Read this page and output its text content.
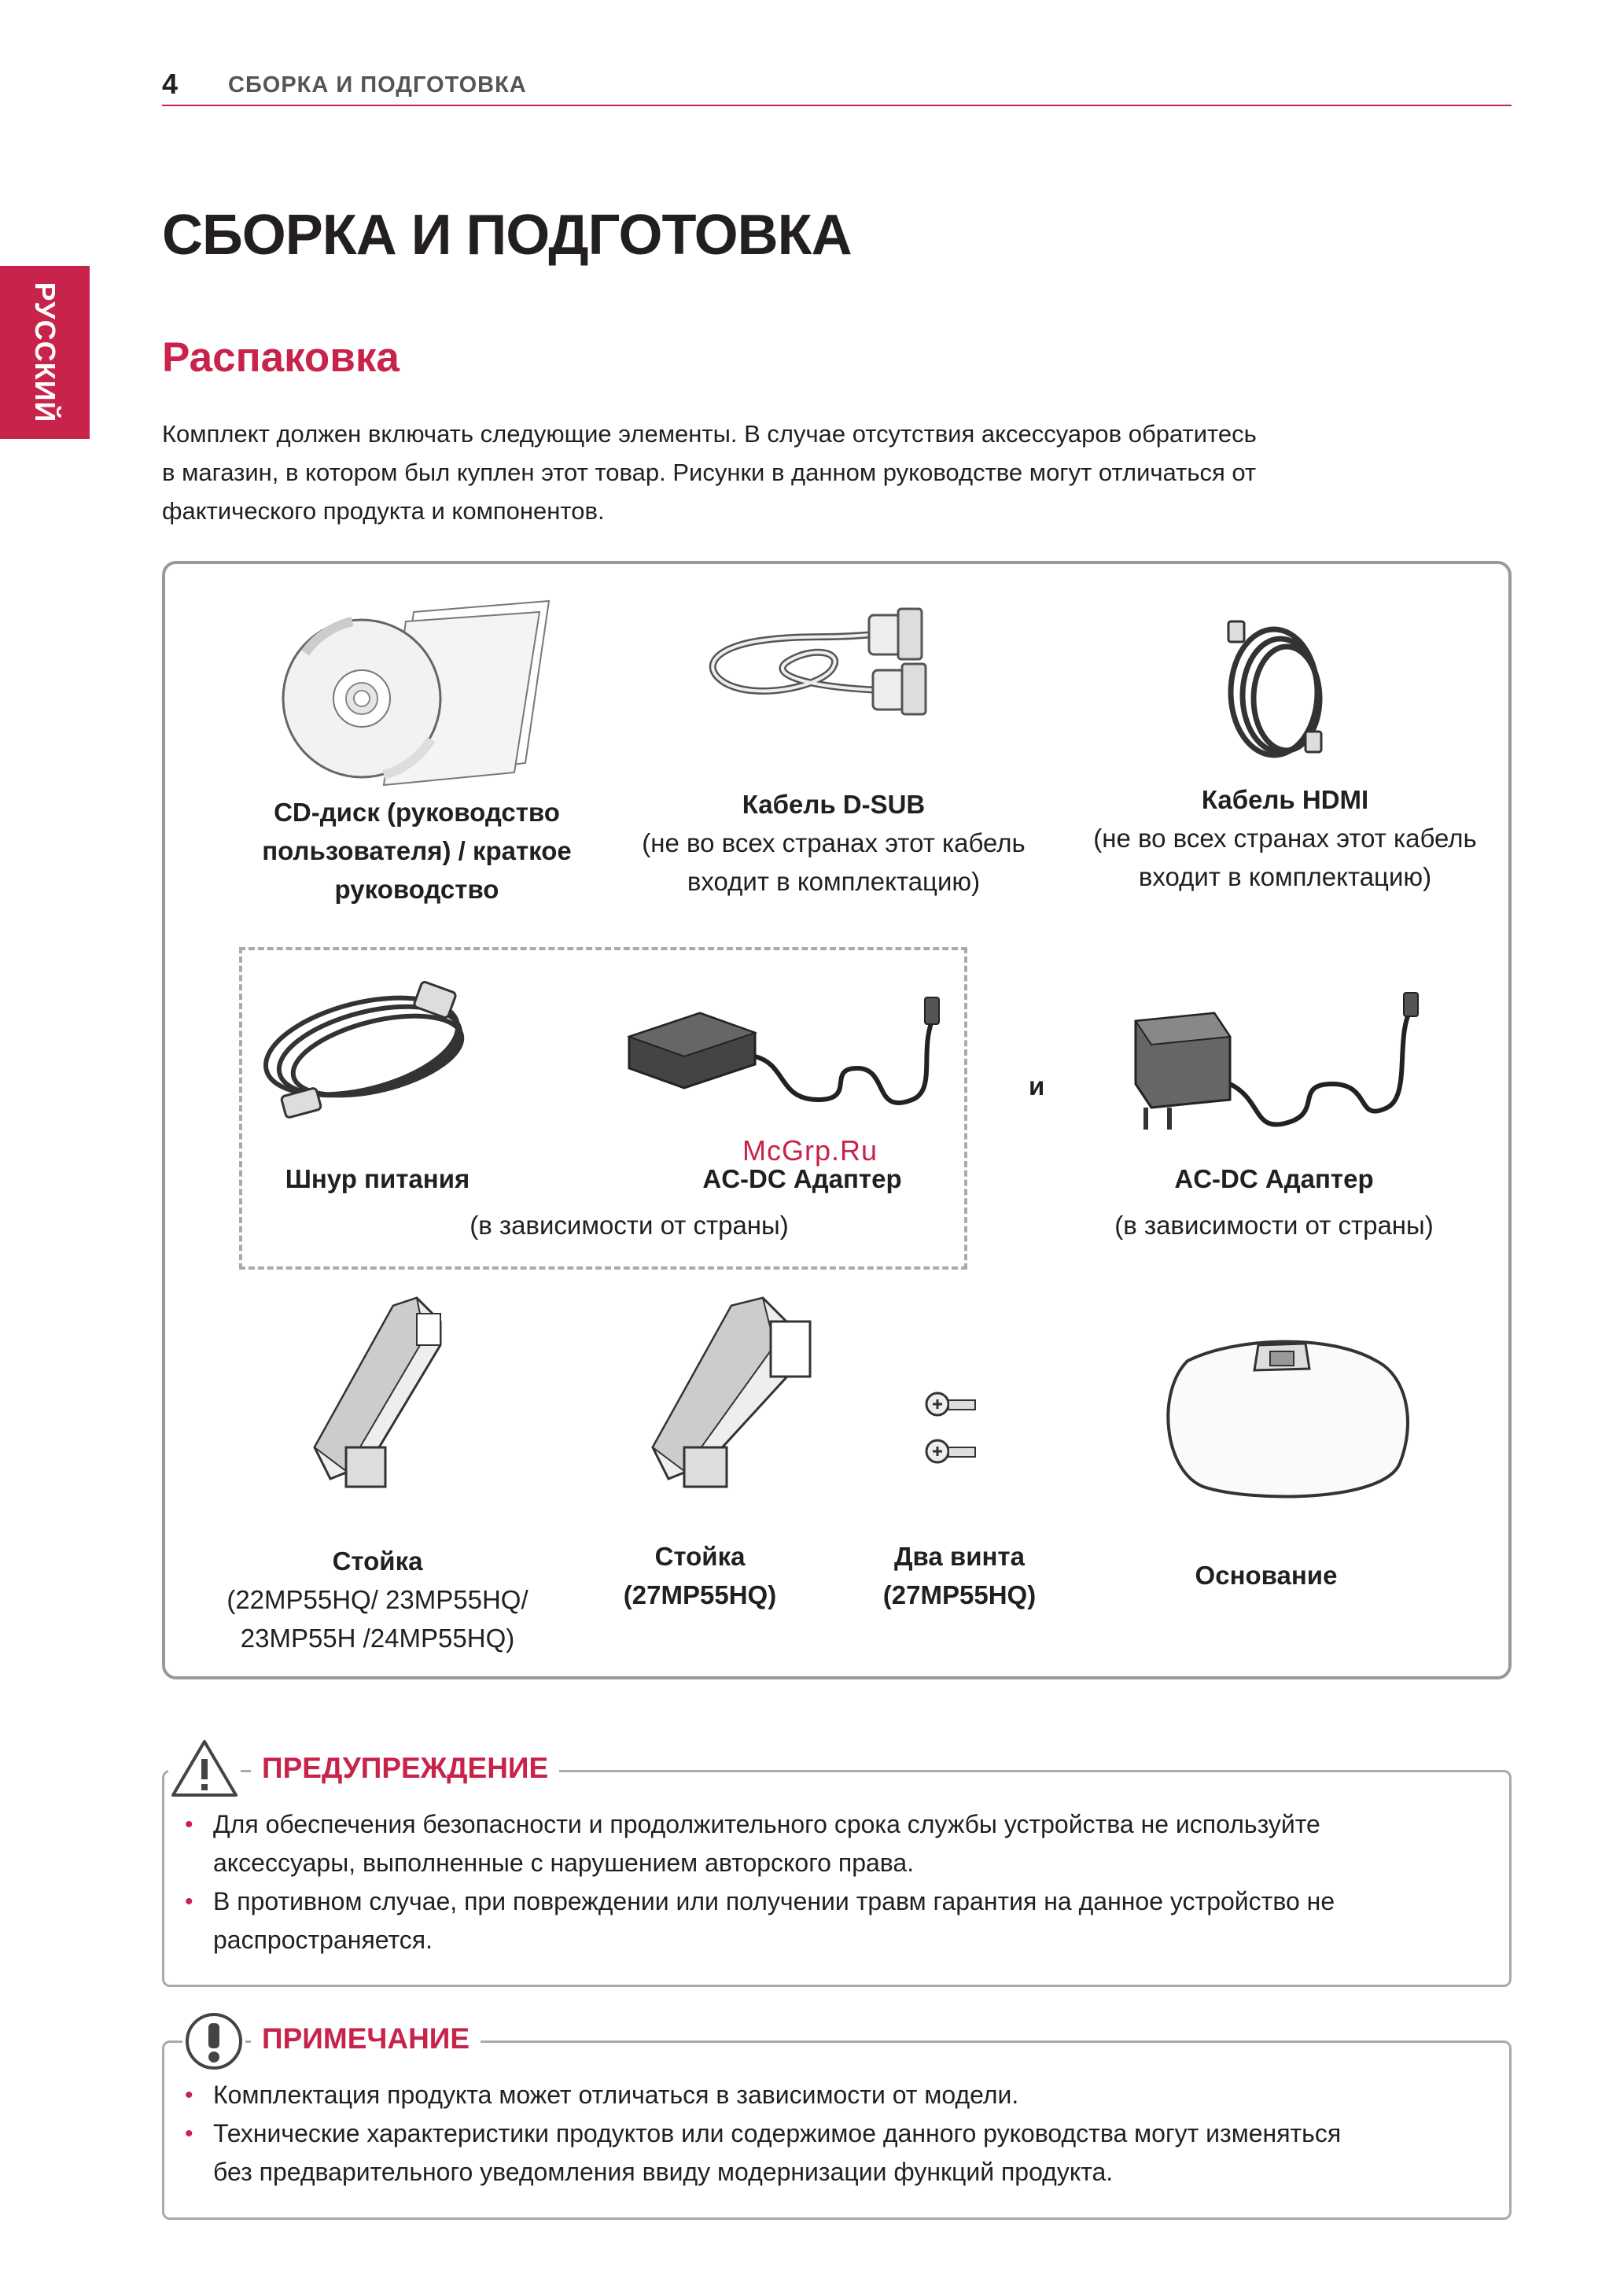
4 СБОРКА И ПОДГОТОВКА
РУССКИЙ
СБОРКА И ПОДГОТОВКА
Распаковка

Комплект должен включать следующие элементы. В случае отсутствия аксессуаров обратитесь
в магазин, в котором был куплен этот товар. Рисунки в данном руководстве могут отличаться от
фактического продукта и компонентов.

CD-диск (руководство
пользователя) / краткое
руководство
Кабель D-SUB
(не во всех странах этот кабель
входит в комплектацию)
Кабель HDMI
(не во всех странах этот кабель
входит в комплектацию)
Шнур питания	AC-DC Адаптер
(в зависимости от страны)
и
AC-DC Адаптер
(в зависимости от страны)
McGrp.Ru
Стойка
(22MP55HQ/ 23MP55HQ/
23MP55H /24MP55HQ)
Стойка
(27MP55HQ)
Два винта
(27MP55HQ)
Основание
ПРЕДУПРЕЖДЕНИЕ
• Для обеспечения безопасности и продолжительного срока службы устройства не используйте
аксессуары, выполненные с нарушением авторского права.
• В противном случае, при повреждении или получении травм гарантия на данное устройство не
распространяется.
ПРИМЕЧАНИЕ
• Комплектация продукта может отличаться в зависимости от модели.
• Технические характеристики продуктов или содержимое данного руководства могут изменяться
без предварительного уведомления ввиду модернизации функций продукта.
